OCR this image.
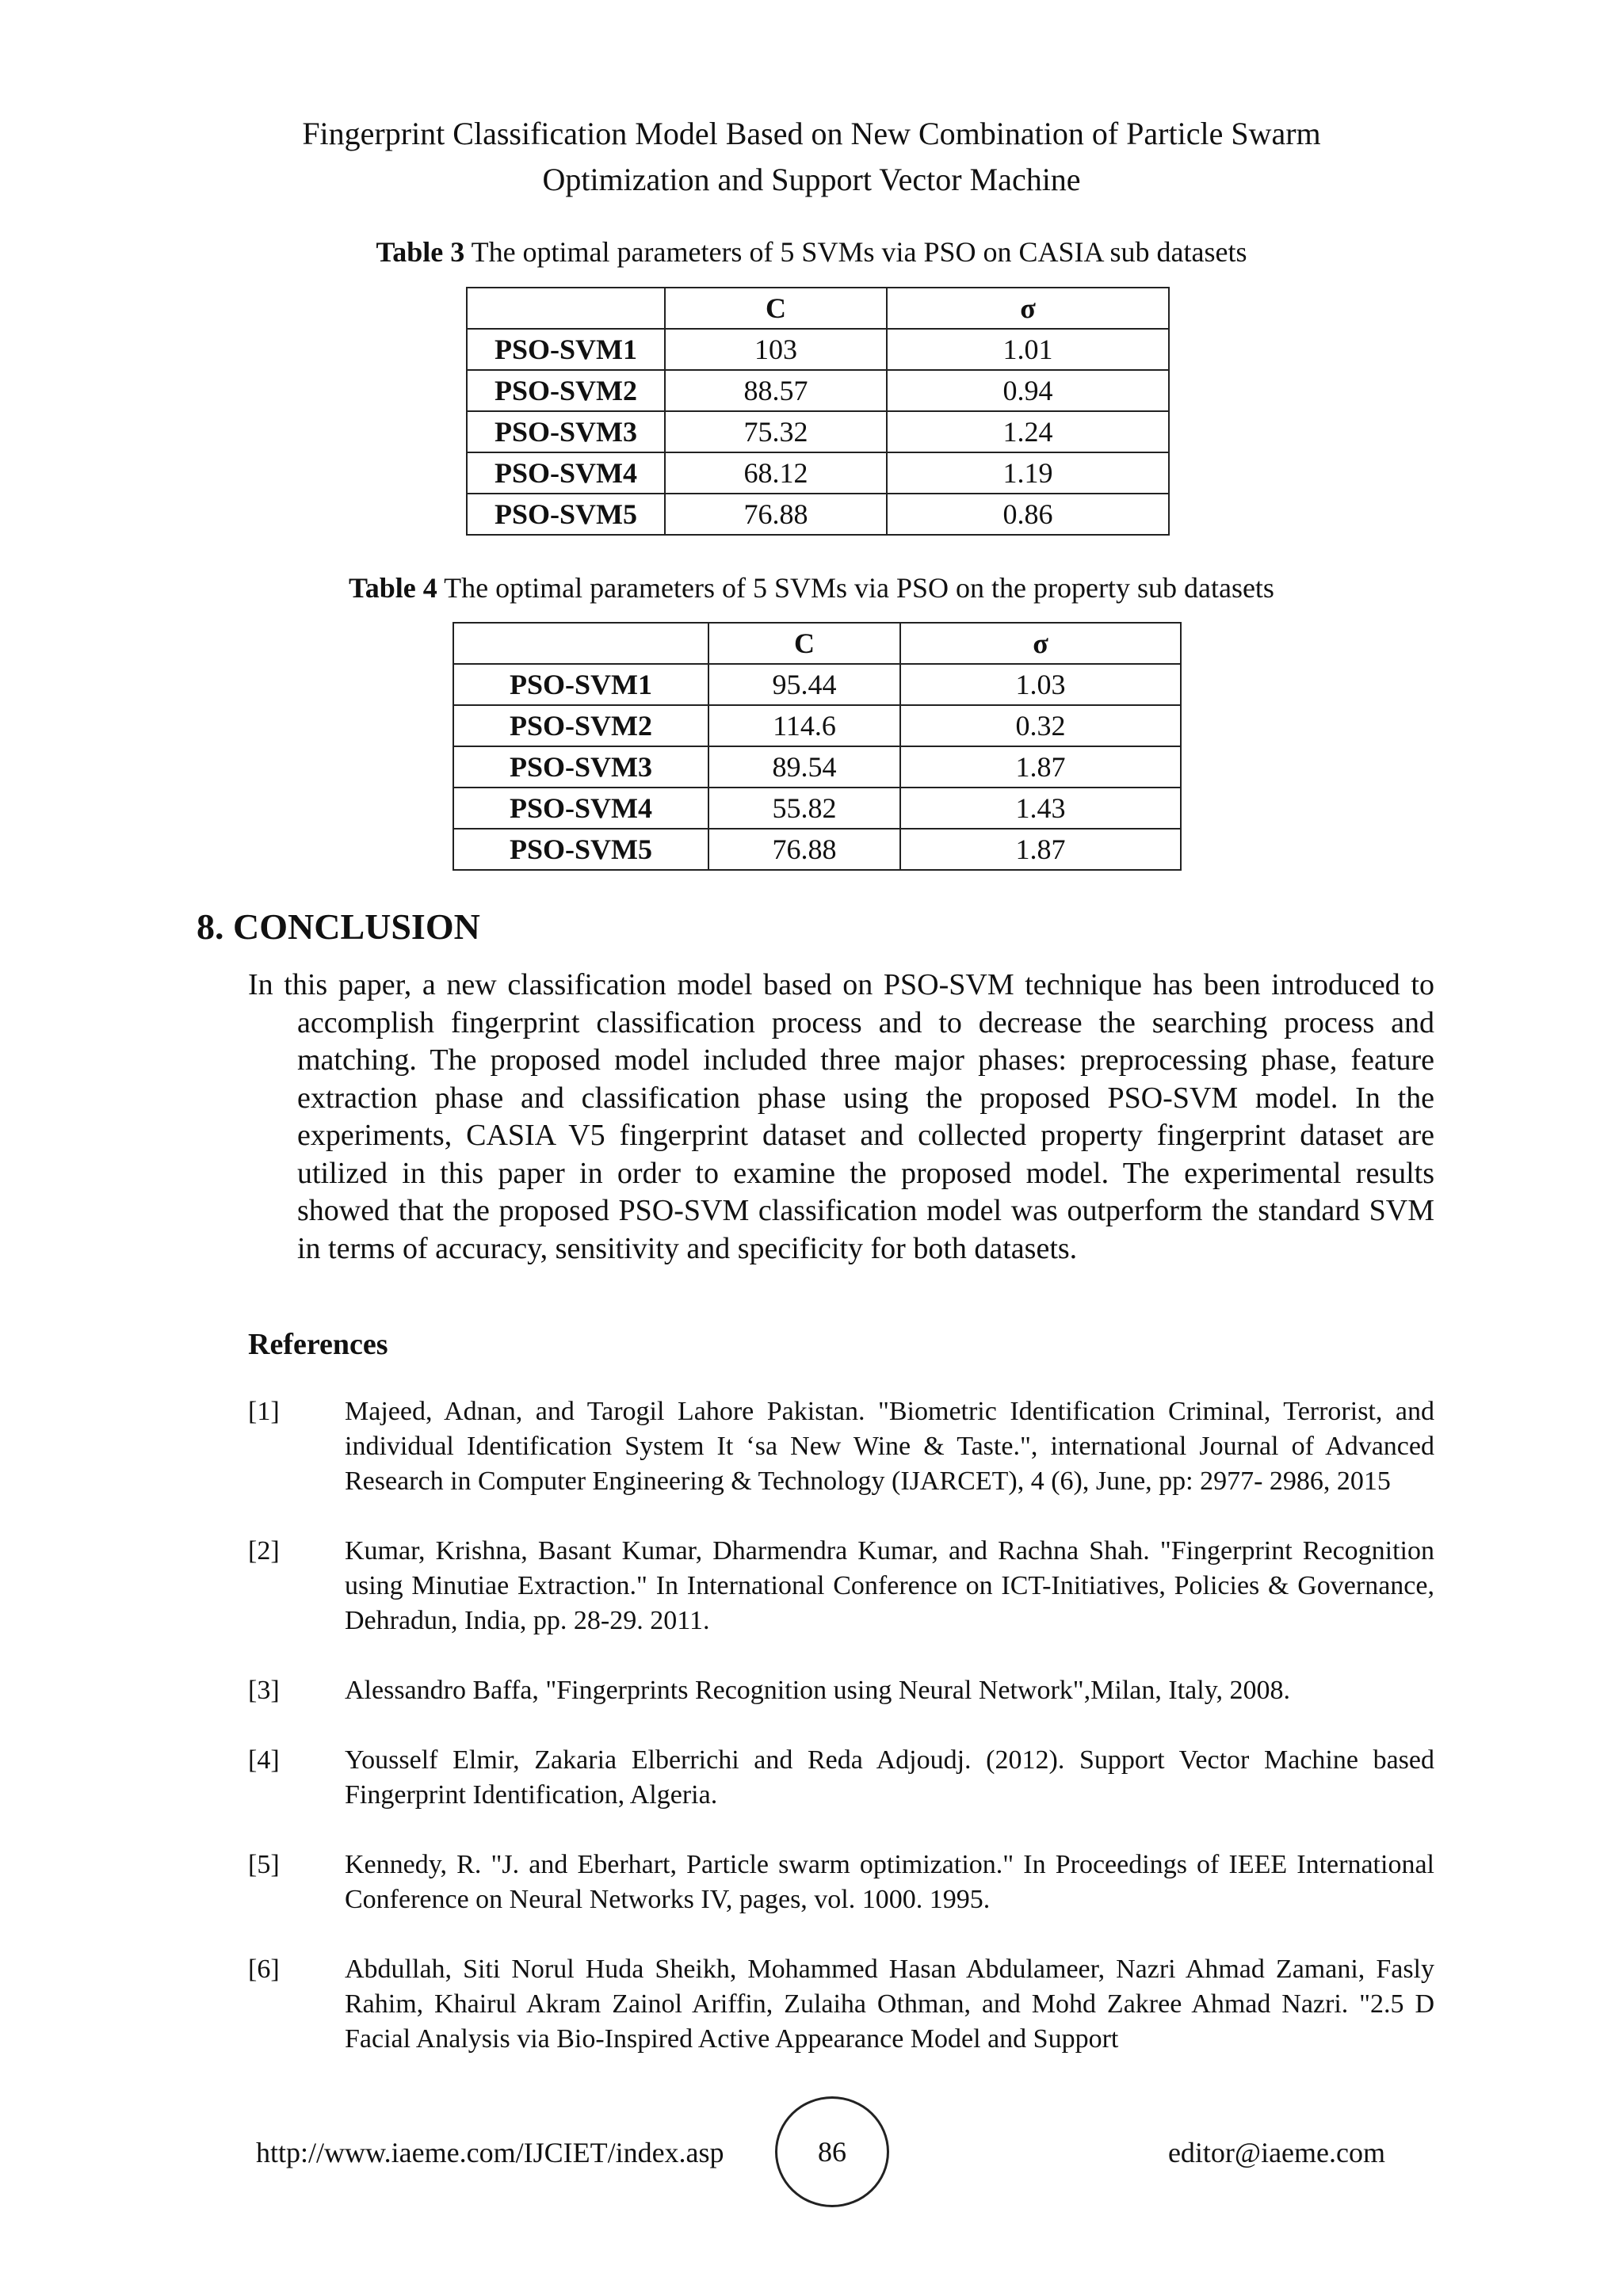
Fingerprint Classification Model Based on New Combination of Particle Swarm
Optimization and Support Vector Machine
Table 3 The optimal parameters of 5 SVMs via PSO on CASIA sub datasets
	C	σ
PSO-SVM1	103	1.01
PSO-SVM2	88.57	0.94
PSO-SVM3	75.32	1.24
PSO-SVM4	68.12	1.19
PSO-SVM5	76.88	0.86
Table 4 The optimal parameters of 5 SVMs via PSO on the property sub datasets
	C	σ
PSO-SVM1	95.44	1.03
PSO-SVM2	114.6	0.32
PSO-SVM3	89.54	1.87
PSO-SVM4	55.82	1.43
PSO-SVM5	76.88	1.87
8. CONCLUSION

In this paper, a new classification model based on PSO-SVM technique has been introduced to accomplish fingerprint classification process and to decrease the searching process and matching. The proposed model included three major phases: preprocessing phase, feature extraction phase and classification phase using the proposed PSO-SVM model. In the experiments, CASIA V5 fingerprint dataset and collected property fingerprint dataset are utilized in this paper in order to examine the proposed model. The experimental results showed that the proposed PSO-SVM classification model was outperform the standard SVM in terms of accuracy, sensitivity and specificity for both datasets.

References
[1] Majeed, Adnan, and Tarogil Lahore Pakistan. "Biometric Identification Criminal, Terrorist, and individual Identification System It ‘sa New Wine & Taste.", international Journal of Advanced Research in Computer Engineering & Technology (IJARCET), 4 (6), June, pp: 2977- 2986, 2015
[2] Kumar, Krishna, Basant Kumar, Dharmendra Kumar, and Rachna Shah. "Fingerprint Recognition using Minutiae Extraction." In International Conference on ICT-Initiatives, Policies & Governance, Dehradun, India, pp. 28-29. 2011.
[3] Alessandro Baffa, "Fingerprints Recognition using Neural Network",Milan, Italy, 2008.
[4] Yousself Elmir, Zakaria Elberrichi and Reda Adjoudj. (2012). Support Vector Machine based Fingerprint Identification, Algeria.
[5] Kennedy, R. "J. and Eberhart, Particle swarm optimization." In Proceedings of IEEE International Conference on Neural Networks IV, pages, vol. 1000. 1995.
[6] Abdullah, Siti Norul Huda Sheikh, Mohammed Hasan Abdulameer, Nazri Ahmad Zamani, Fasly Rahim, Khairul Akram Zainol Ariffin, Zulaiha Othman, and Mohd Zakree Ahmad Nazri. "2.5 D Facial Analysis via Bio-Inspired Active Appearance Model and Support
http://www.iaeme.com/IJCIET/index.asp	86	editor@iaeme.com
